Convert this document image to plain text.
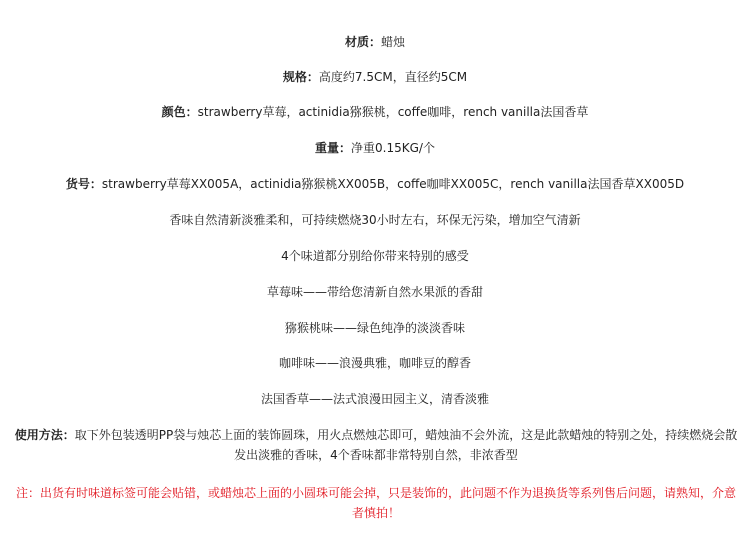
材质：蜡烛
规格：高度约7.5CM，直径约5CM
颜色：strawberry草莓，actinidia猕猴桃，coffe咖啡，rench vanilla法国香草
重量：净重0.15KG/个
货号：strawberry草莓XX005A，actinidia猕猴桃XX005B，coffe咖啡XX005C，rench vanilla法国香草XX005D
香味自然清新淡雅柔和，可持续燃烧30小时左右，环保无污染，增加空气清新
4个味道都分别给你带来特别的感受
草莓味——带给您清新自然水果派的香甜
猕猴桃味——绿色纯净的淡淡香味
咖啡味——浪漫典雅，咖啡豆的醇香
法国香草——法式浪漫田园主义，清香淡雅
使用方法：取下外包装透明PP袋与烛芯上面的装饰圆珠，用火点燃烛芯即可，蜡烛油不会外流，这是此款蜡烛的特别之处，持续燃烧会散发出淡雅的香味，4个香味都非常特别自然，非浓香型
注：出货有时味道标签可能会贴错，或蜡烛芯上面的小圆珠可能会掉，只是装饰的，此问题不作为退换货等系列售后问题，请熟知，介意者慎拍！
